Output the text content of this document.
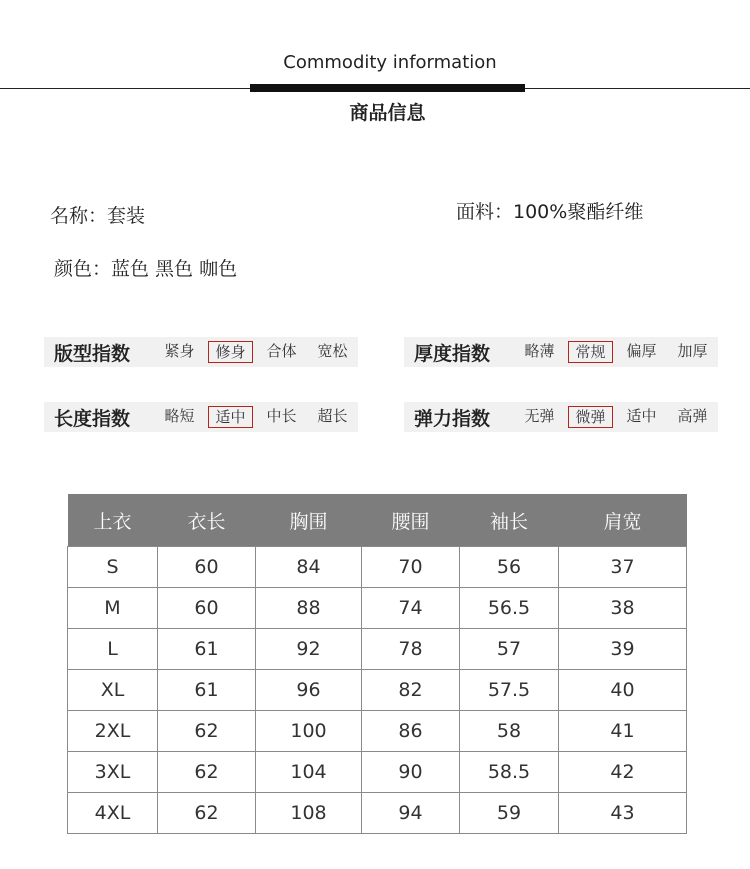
Commodity information
商品信息
名称：套装	面料：100%聚酯纤维
颜色：蓝色 黑色 咖色
版型指数	紧身	修身	合体	宽松	厚度指数	略薄	常规	偏厚	加厚
长度指数	略短	适中	中长	超长	弹力指数	无弹	微弹	适中	高弹
上衣	衣长	胸围	腰围	袖长	肩宽
S	60	84	70	56	37
M	60	88	74	56.5	38
L	61	92	78	57	39
XL	61	96	82	57.5	40
2XL	62	100	86	58	41
3XL	62	104	90	58.5	42
4XL	62	108	94	59	43
